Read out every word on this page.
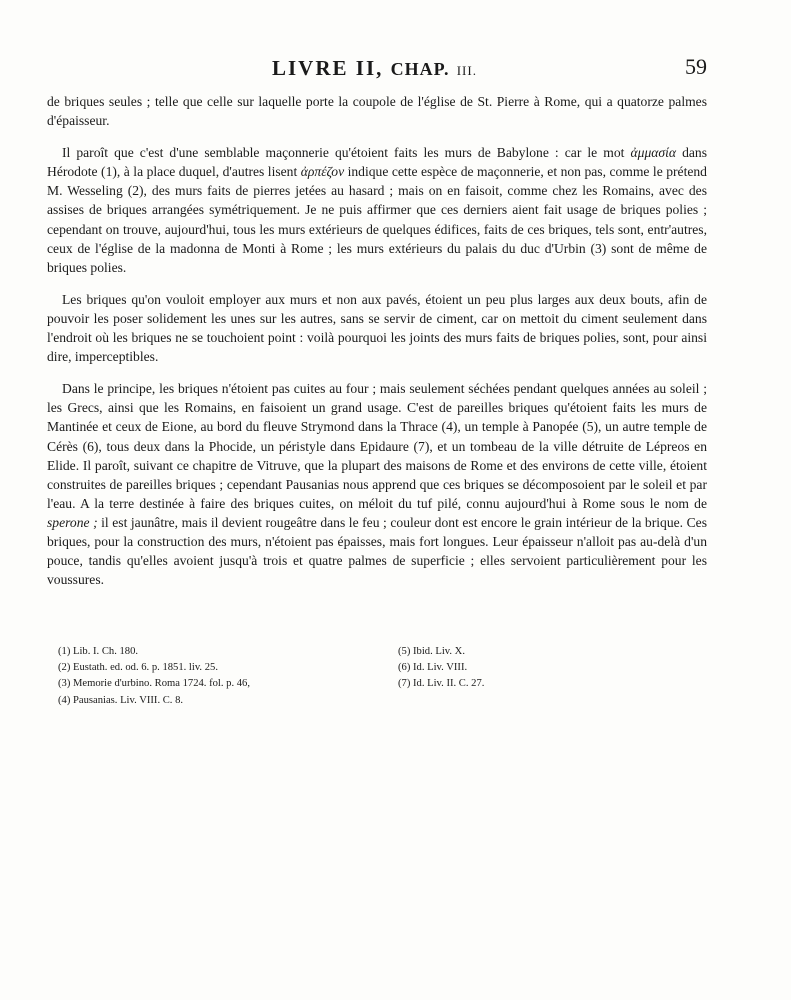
LIVRE II, CHAP. III.	59

de briques seules ; telle que celle sur laquelle porte la coupole de l'église de St. Pierre à Rome, qui a quatorze palmes d'épaisseur.

Il paroît que c'est d'une semblable maçonnerie qu'étoient faits les murs de Babylone : car le mot ἀμμασία dans Hérodote (1), à la place duquel, d'autres lisent ἀρπέζον indique cette espèce de maçonnerie, et non pas, comme le prétend M. Wesseling (2), des murs faits de pierres jetées au hasard ; mais on en faisoit, comme chez les Romains, avec des assises de briques arrangées symétriquement. Je ne puis affirmer que ces derniers aient fait usage de briques polies ; cependant on trouve, aujourd'hui, tous les murs extérieurs de quelques édifices, faits de ces briques, tels sont, entr'autres, ceux de l'église de la madonna de Monti à Rome ; les murs extérieurs du palais du duc d'Urbin (3) sont de même de briques polies.

Les briques qu'on vouloit employer aux murs et non aux pavés, étoient un peu plus larges aux deux bouts, afin de pouvoir les poser solidement les unes sur les autres, sans se servir de ciment, car on mettoit du ciment seulement dans l'endroit où les briques ne se touchoient point : voilà pourquoi les joints des murs faits de briques polies, sont, pour ainsi dire, imperceptibles.

Dans le principe, les briques n'étoient pas cuites au four ; mais seulement séchées pendant quelques années au soleil ; les Grecs, ainsi que les Romains, en faisoient un grand usage. C'est de pareilles briques qu'étoient faits les murs de Mantinée et ceux de Eione, au bord du fleuve Strymond dans la Thrace (4), un temple à Panopée (5), un autre temple de Cérès (6), tous deux dans la Phocide, un péristyle dans Epidaure (7), et un tombeau de la ville détruite de Lépreos en Elide. Il paroît, suivant ce chapitre de Vitruve, que la plupart des maisons de Rome et des environs de cette ville, étoient construites de pareilles briques ; cependant Pausanias nous apprend que ces briques se décomposoient par le soleil et par l'eau. A la terre destinée à faire des briques cuites, on méloit du tuf pilé, connu aujourd'hui à Rome sous le nom de sperone ; il est jaunâtre, mais il devient rougeâtre dans le feu ; couleur dont est encore le grain intérieur de la brique. Ces briques, pour la construction des murs, n'étoient pas épaisses, mais fort longues. Leur épaisseur n'alloit pas au-delà d'un pouce, tandis qu'elles avoient jusqu'à trois et quatre palmes de superficie ; elles servoient particulièrement pour les voussures.

(1) Lib. I. Ch. 180.
(2) Eustath. ed. od. 6. p. 1851. liv. 25.
(3) Memorie d'urbino. Roma 1724. fol. p. 46,
(4) Pausanias. Liv. VIII. C. 8.
(5) Ibid. Liv. X.
(6) Id. Liv. VIII.
(7) Id. Liv. II. C. 27.
